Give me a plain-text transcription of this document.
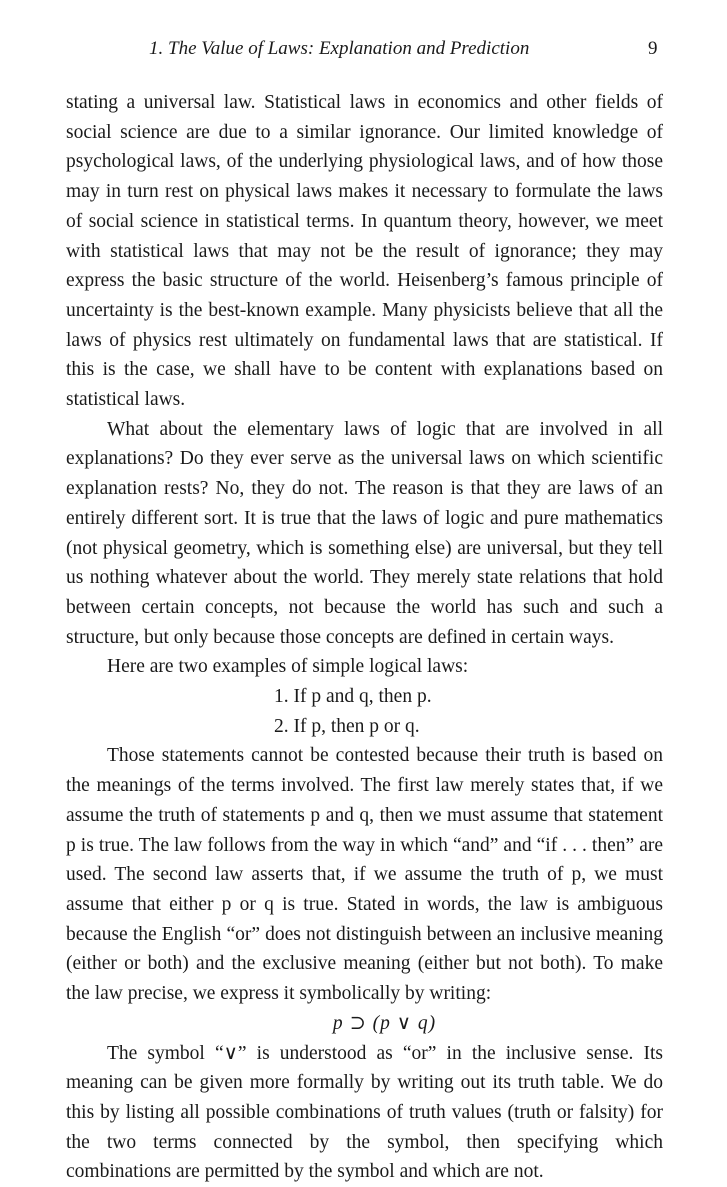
1. The Value of Laws: Explanation and Prediction	9

stating a universal law. Statistical laws in economics and other fields of social science are due to a similar ignorance. Our limited knowledge of psychological laws, of the underlying physiological laws, and of how those may in turn rest on physical laws makes it necessary to formulate the laws of social science in statistical terms. In quantum theory, however, we meet with statistical laws that may not be the result of ignorance; they may express the basic structure of the world. Heisenberg’s famous principle of uncertainty is the best-known example. Many physicists believe that all the laws of physics rest ultimately on fundamental laws that are statistical. If this is the case, we shall have to be content with explanations based on statistical laws.

What about the elementary laws of logic that are involved in all explanations? Do they ever serve as the universal laws on which scientific explanation rests? No, they do not. The reason is that they are laws of an entirely different sort. It is true that the laws of logic and pure mathematics (not physical geometry, which is something else) are universal, but they tell us nothing whatever about the world. They merely state relations that hold between certain concepts, not because the world has such and such a structure, but only because those concepts are defined in certain ways.

Here are two examples of simple logical laws:

1. If p and q, then p.
2. If p, then p or q.

Those statements cannot be contested because their truth is based on the meanings of the terms involved. The first law merely states that, if we assume the truth of statements p and q, then we must assume that statement p is true. The law follows from the way in which “and” and “if . . . then” are used. The second law asserts that, if we assume the truth of p, we must assume that either p or q is true. Stated in words, the law is ambiguous because the English “or” does not distinguish between an inclusive meaning (either or both) and the exclusive meaning (either but not both). To make the law precise, we express it symbolically by writing:

p ⊃ (p ∨ q)

The symbol “∨” is understood as “or” in the inclusive sense. Its meaning can be given more formally by writing out its truth table. We do this by listing all possible combinations of truth values (truth or falsity) for the two terms connected by the symbol, then specifying which combinations are permitted by the symbol and which are not.
